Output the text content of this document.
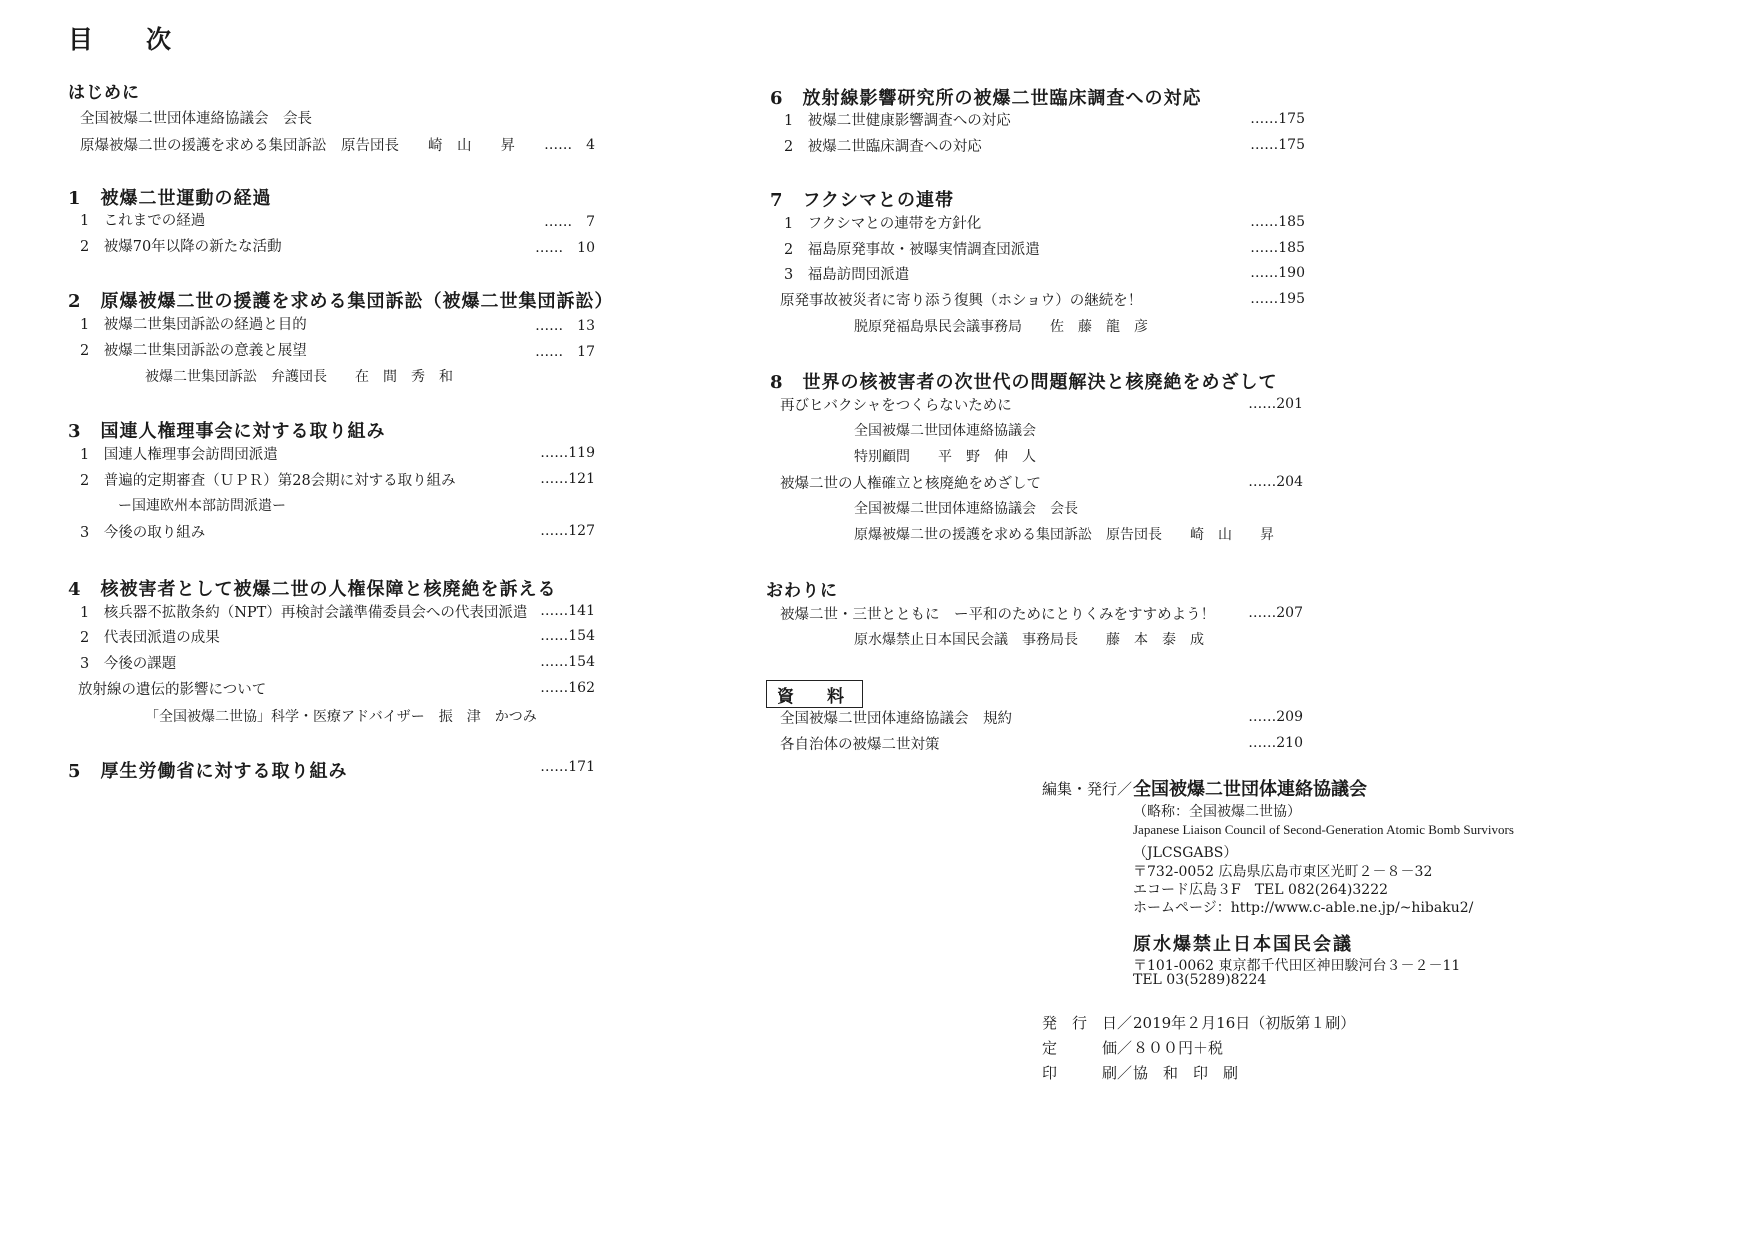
目　次
はじめに
全国被爆二世団体連絡協議会　会長
原爆被爆二世の援護を求める集団訴訟　原告団長　　崎　山　　昇	……　4
1　被爆二世運動の経過
1　これまでの経過	……　7
2　被爆70年以降の新たな活動	……　10
2　原爆被爆二世の援護を求める集団訴訟（被爆二世集団訴訟）
1　被爆二世集団訴訟の経過と目的	……　13
2　被爆二世集団訴訟の意義と展望	……　17
被爆二世集団訴訟　弁護団長　　在　間　秀　和
3　国連人権理事会に対する取り組み
1　国連人権理事会訪問団派遣	……119
2　普遍的定期審査（ＵＰＲ）第28会期に対する取り組み	……121
ー国連欧州本部訪問派遣ー
3　今後の取り組み	……127
4　核被害者として被爆二世の人権保障と核廃絶を訴える
1　核兵器不拡散条約（NPT）再検討会議準備委員会への代表団派遣 ……141
2　代表団派遣の成果	……154
3　今後の課題	……154
放射線の遺伝的影響について	……162
「全国被爆二世協」科学・医療アドバイザー　振　津　かつみ
5　厚生労働省に対する取り組み	……171
6　放射線影響研究所の被爆二世臨床調査への対応
1　被爆二世健康影響調査への対応	……175
2　被爆二世臨床調査への対応	……175
7　フクシマとの連帯
1　フクシマとの連帯を方針化	……185
2　福島原発事故・被曝実情調査団派遣	……185
3　福島訪問団派遣	……190
原発事故被災者に寄り添う復興（ホショウ）の継続を！	……195
脱原発福島県民会議事務局　　佐　藤　龍　彦
8　世界の核被害者の次世代の問題解決と核廃絶をめざして
再びヒバクシャをつくらないために	……201
全国被爆二世団体連絡協議会
特別顧問　　平　野　伸　人
被爆二世の人権確立と核廃絶をめざして	……204
全国被爆二世団体連絡協議会　会長
原爆被爆二世の援護を求める集団訴訟　原告団長　　崎　山　　昇
おわりに
被爆二世・三世とともに　ー平和のためにとりくみをすすめよう！	……207
原水爆禁止日本国民会議　事務局長　　藤　本　泰　成
資　料
全国被爆二世団体連絡協議会　規約	……209
各自治体の被爆二世対策	……210
編集・発行／ 全国被爆二世団体連絡協議会
（略称：全国被爆二世協）
Japanese Liaison Council of Second-Generation Atomic Bomb Survivors
（JLCSGABS）
〒732-0052 広島県広島市東区光町２－８－32
エコード広島３F　TEL 082(264)3222
ホームページ：http://www.c-able.ne.jp/~hibaku2/
原水爆禁止日本国民会議
〒101-0062 東京都千代田区神田駿河台３－２－11
TEL 03(5289)8224
発　行　日／ 2019年２月16日（初版第１刷）
定　　　価／ ８００円＋税
印　　　刷／ 協　和　印　刷
